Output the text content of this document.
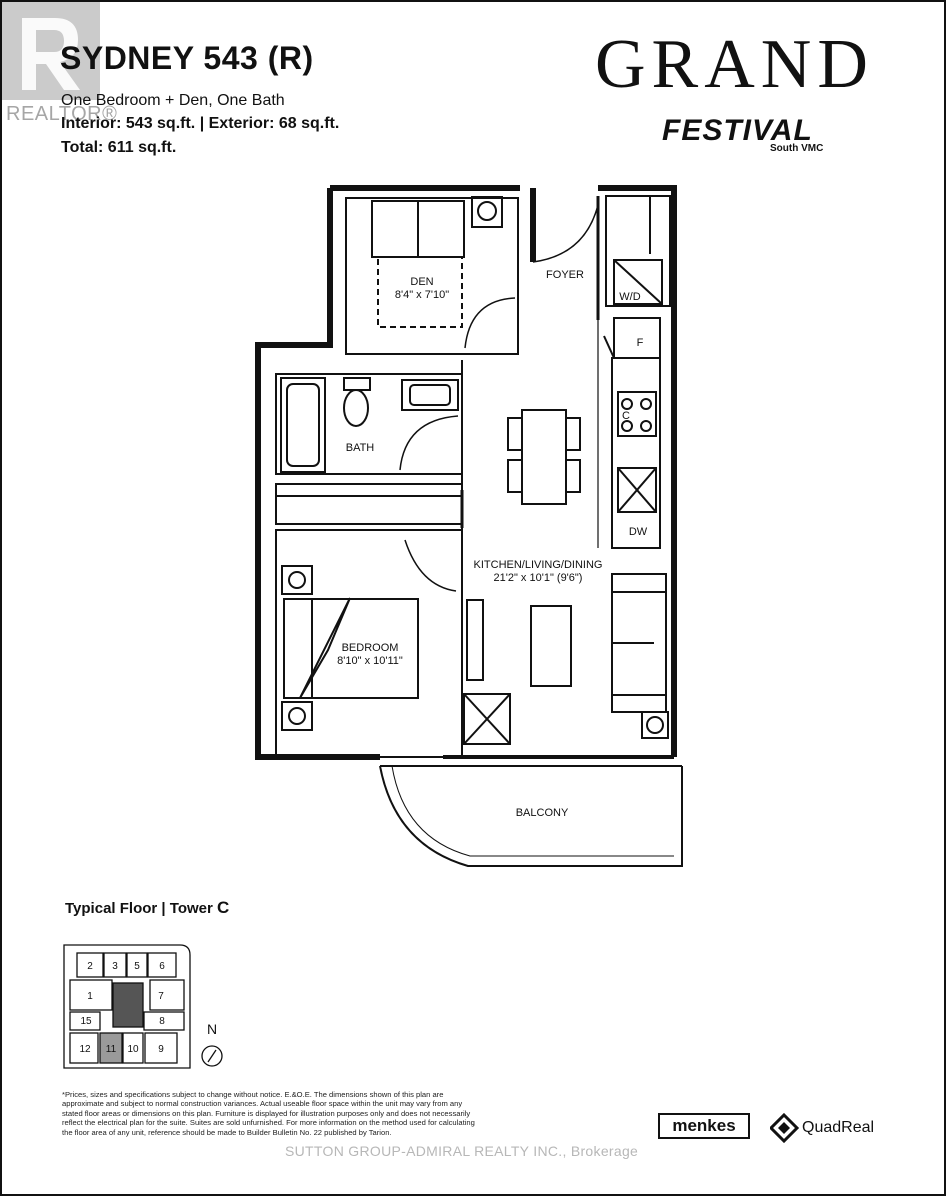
REALTOR®
SYDNEY 543 (R)
One Bedroom + Den, One Bath
Interior: 543 sq.ft. | Exterior: 68 sq.ft.
Total: 611 sq.ft.
GRAND
FESTIVAL
South VMC
DEN
8'4" x 7'10"
FOYER
W/D
F
C
DW
BATH
KITCHEN/LIVING/DINING
21'2" x 10'1" (9'6")
BEDROOM
8'10" x 10'11"
BALCONY
2 3 5 6
1	7
15	8
12 11 10 9
N
Typical Floor | Tower C
*Prices, sizes and specifications subject to change without notice. E.&O.E. The dimensions shown of this plan are approximate and subject to normal construction variances. Actual useable floor space within the unit may vary from any stated floor areas or dimensions on this plan. Furniture is displayed for illustration purposes only and does not necessarily reflect the electrical plan for the suite. Suites are sold unfurnished. For more information on the method used for calculating the floor area of any unit, reference should be made to Builder Bulletin No. 22 published by Tarion.	menkes	QuadReal
SUTTON GROUP-ADMIRAL REALTY INC., Brokerage
